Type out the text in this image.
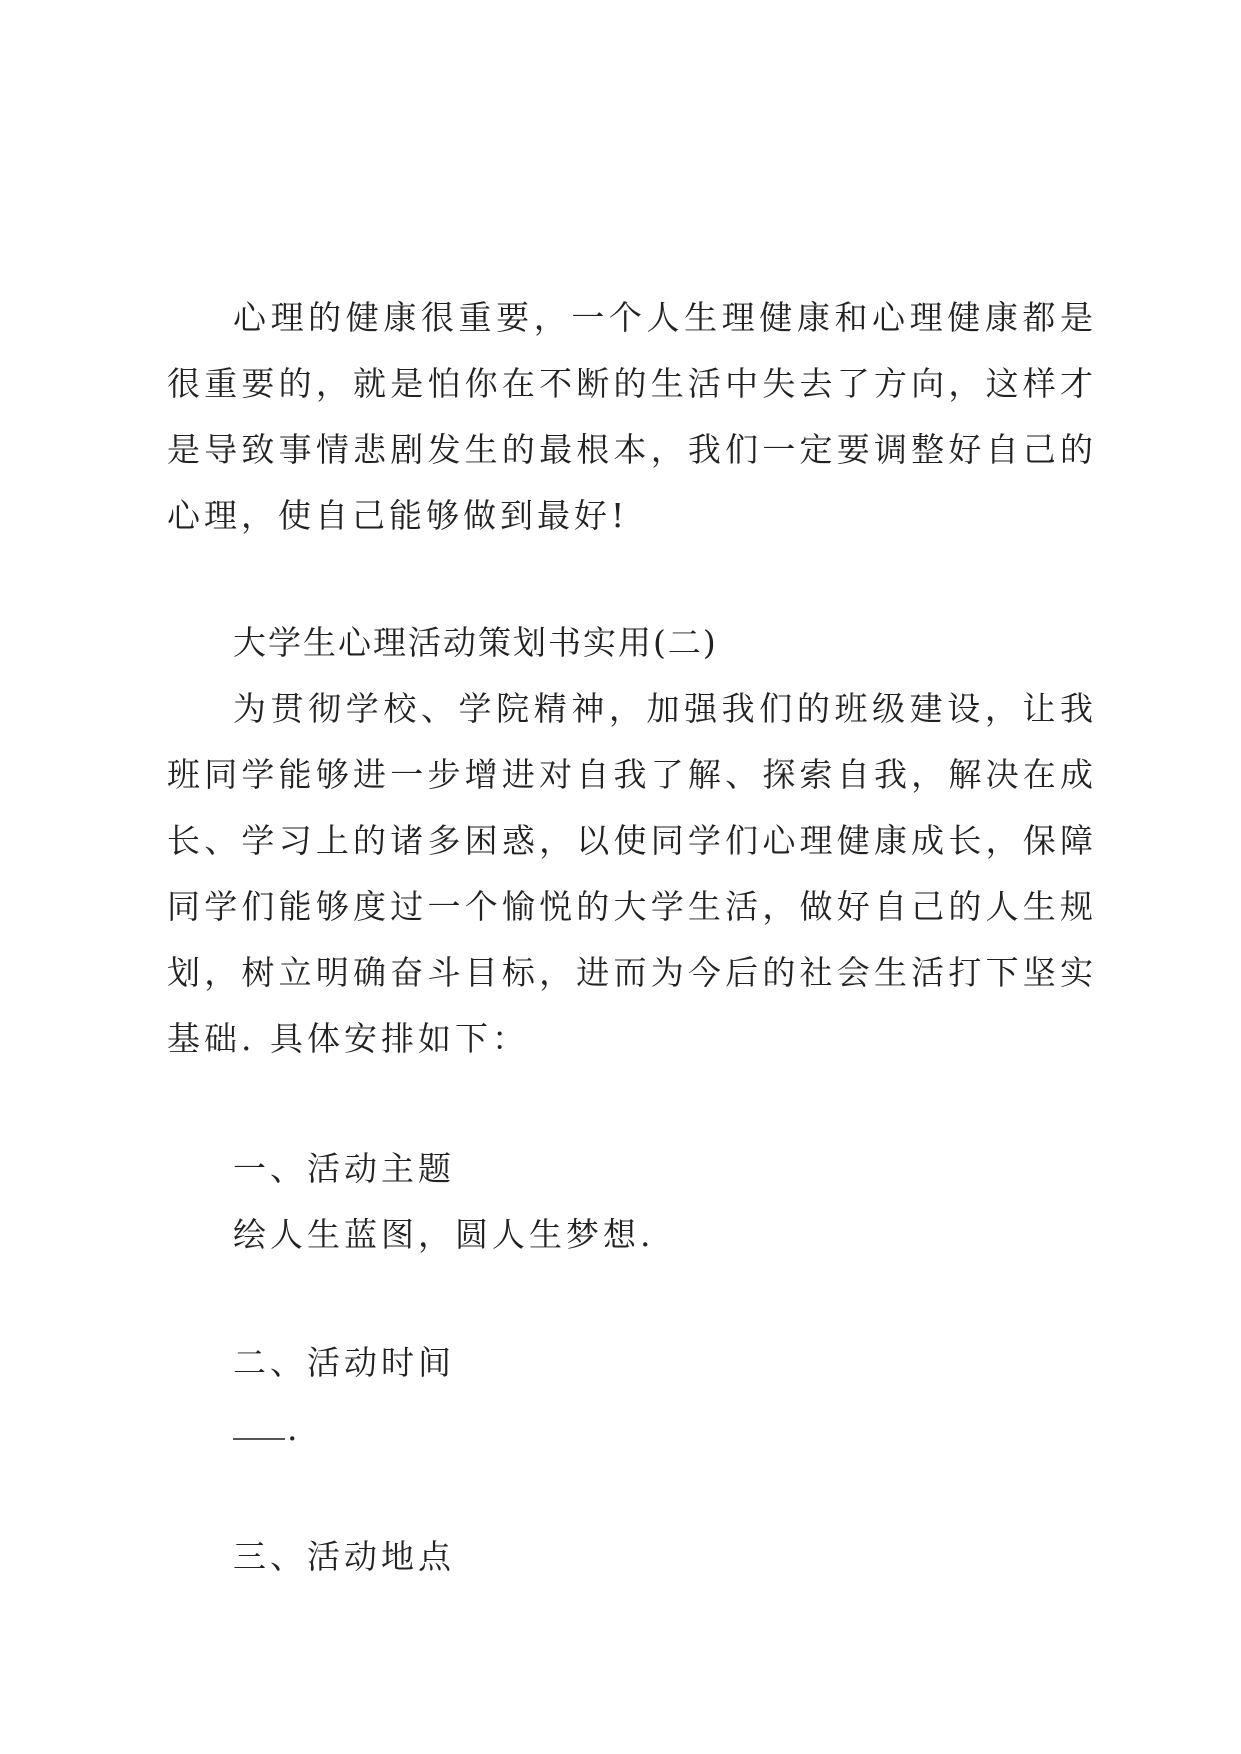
心理的健康很重要，一个人生理健康和心理健康都是很重要的，就是怕你在不断的生活中失去了方向，这样才是导致事情悲剧发生的最根本，我们一定要调整好自己的心理，使自己能够做到最好!

大学生心理活动策划书实用(二)

为贯彻学校、学院精神，加强我们的班级建设，让我班同学能够进一步增进对自我了解、探索自我，解决在成长、学习上的诸多困惑，以使同学们心理健康成长，保障同学们能够度过一个愉悦的大学生活，做好自己的人生规划，树立明确奋斗目标，进而为今后的社会生活打下坚实基础. 具体安排如下：

一、活动主题

绘人生蓝图，圆人生梦想.

二、活动时间

.

三、活动地点
